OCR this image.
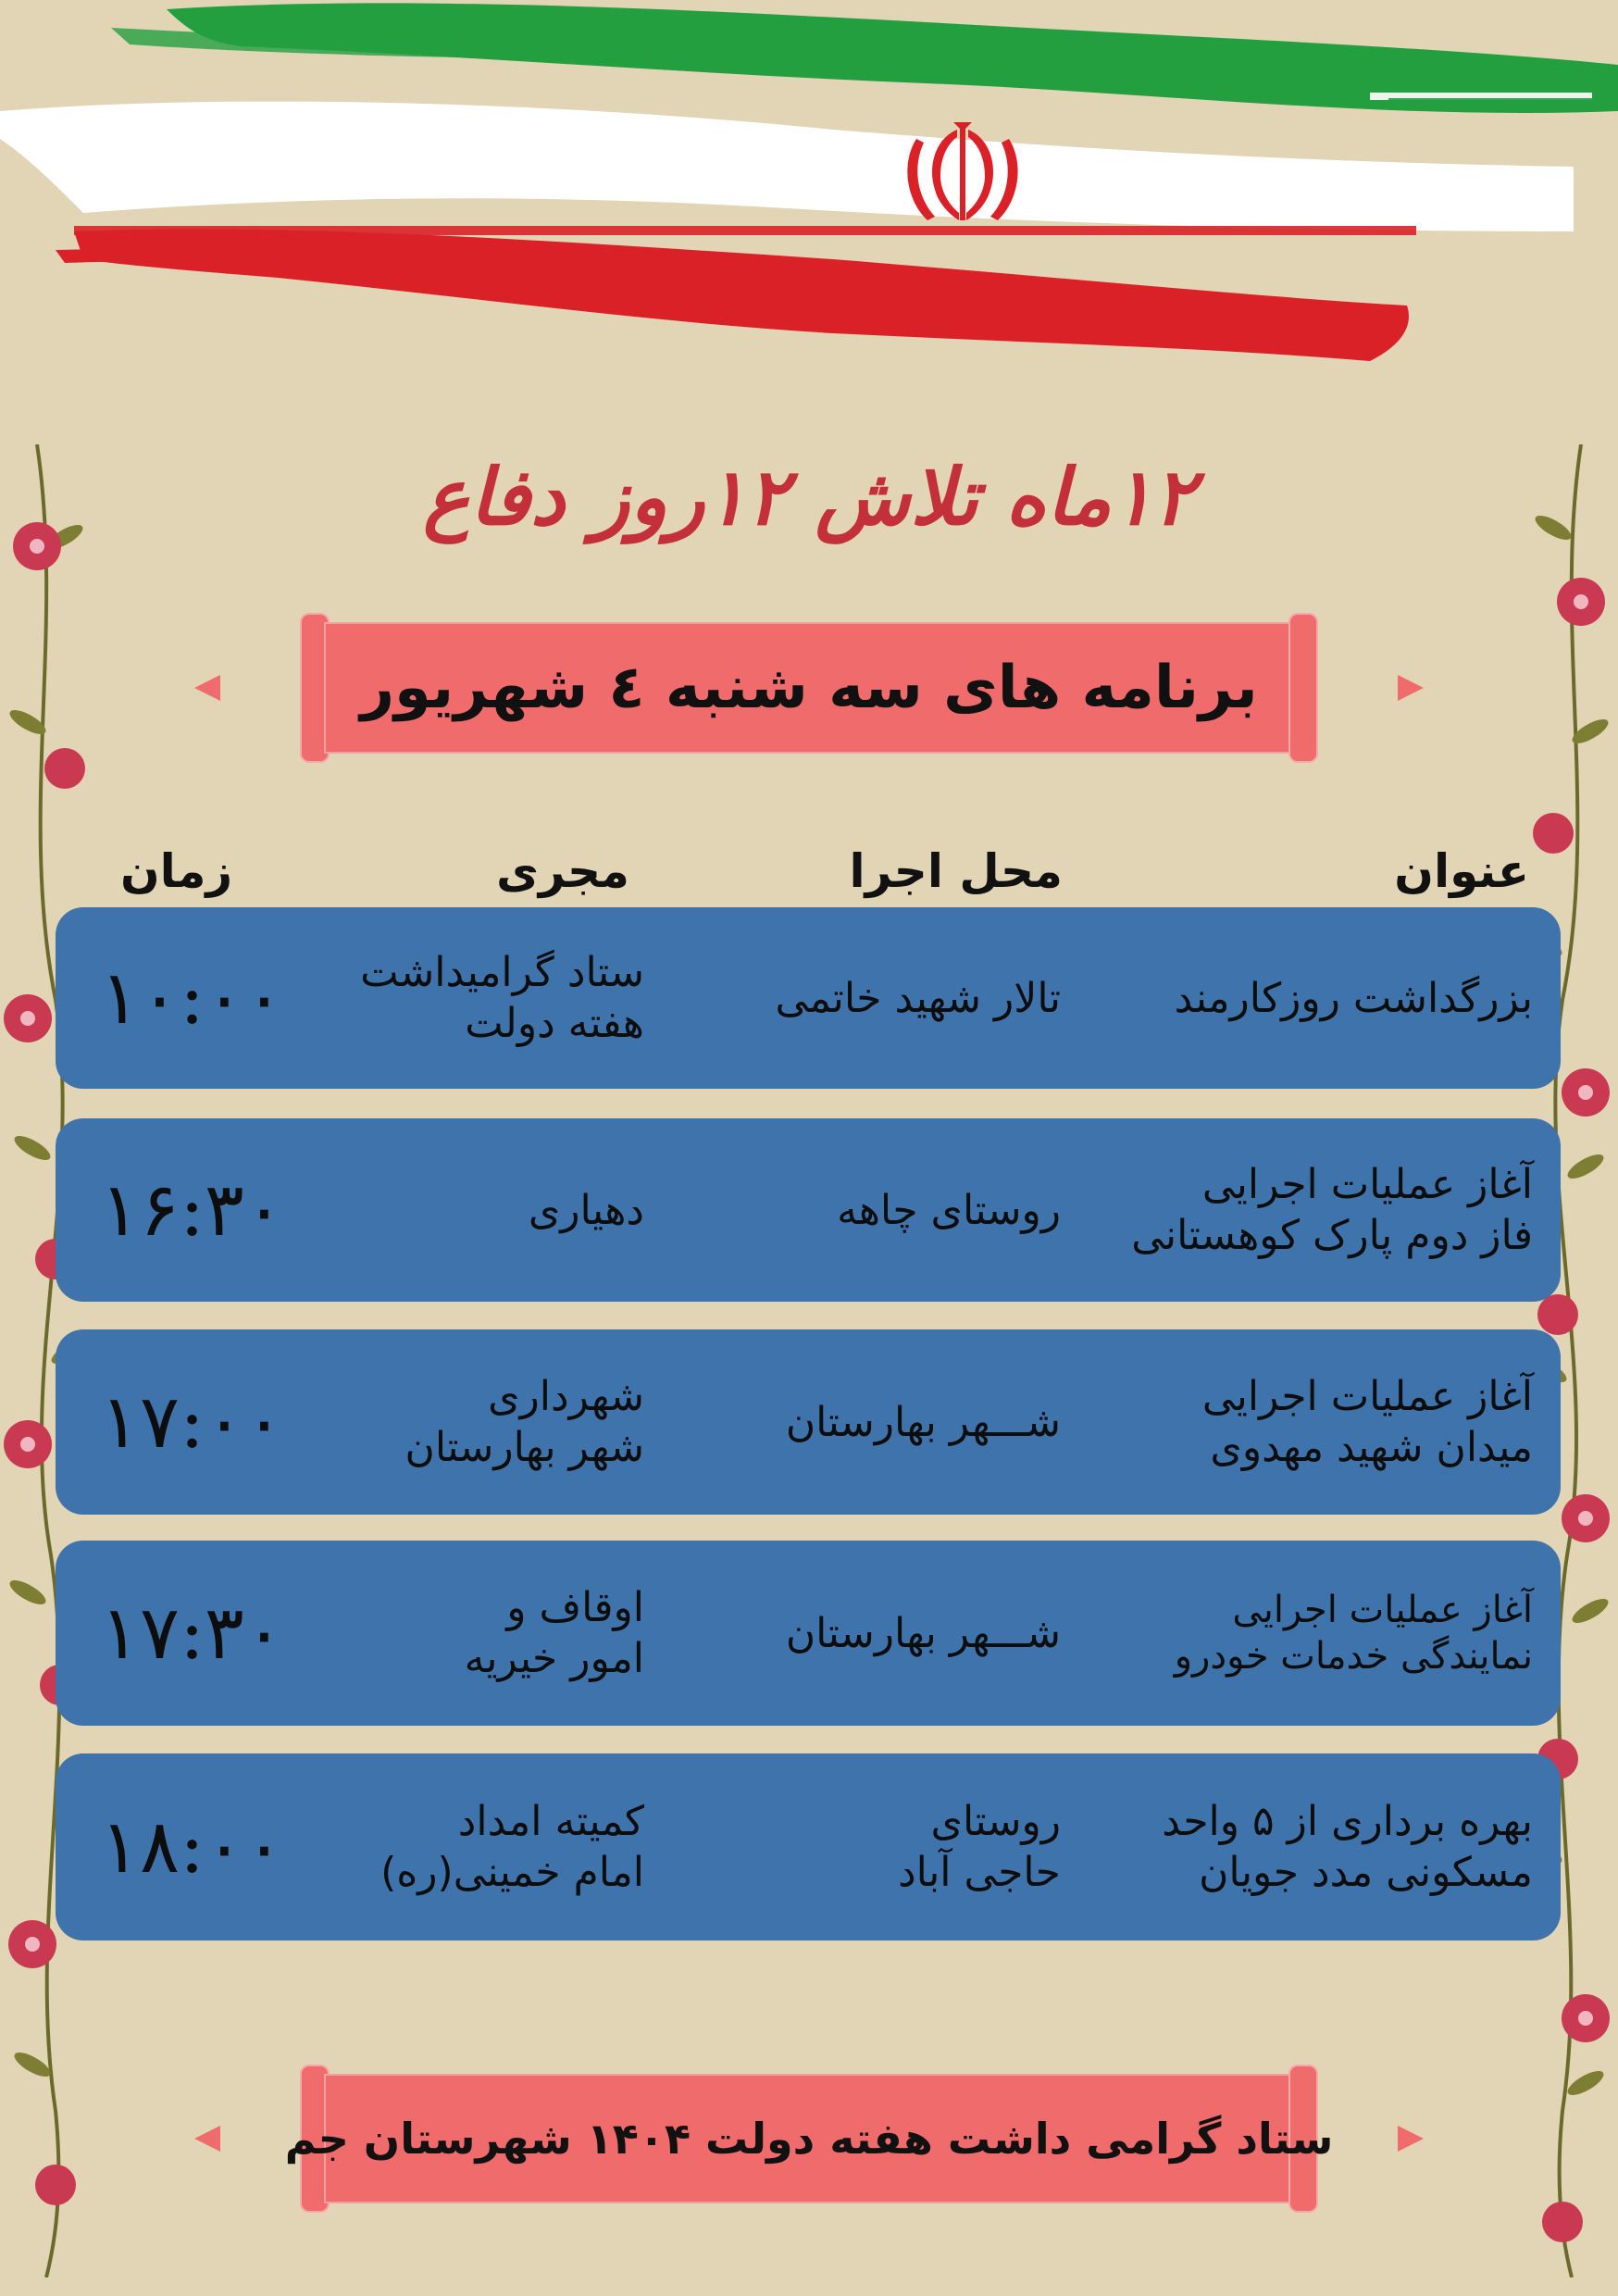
۱۲ماه تلاش ۱۲روز دفاع
برنامه های سه شنبه ٤ شهریور
عنوان
محل اجرا
مجری
زمان
بزرگداشت روزکارمند
تالار شهید خاتمی
ستاد گرامیداشت
هفته دولت
۱۰:۰۰
آغاز عملیات اجرایی
فاز دوم پارک کوهستانی
روستای چاهه
دهیاری
۱۶:۳۰
آغاز عملیات اجرایی
میدان شهید مهدوی
شـــهر بهارستان
شهرداری
شهر بهارستان
۱۷:۰۰
آغاز عملیات اجرایی
نمایندگی خدمات خودرو
شـــهر بهارستان
اوقاف و
امور خیریه
۱۷:۳۰
بهره برداری از ۵ واحد
مسکونی مدد جویان
روستای
حاجی آباد
کمیته امداد
امام خمینی(ره)
۱۸:۰۰
ستاد گرامی داشت هفته دولت ۱۴۰۴ شهرستان جم
